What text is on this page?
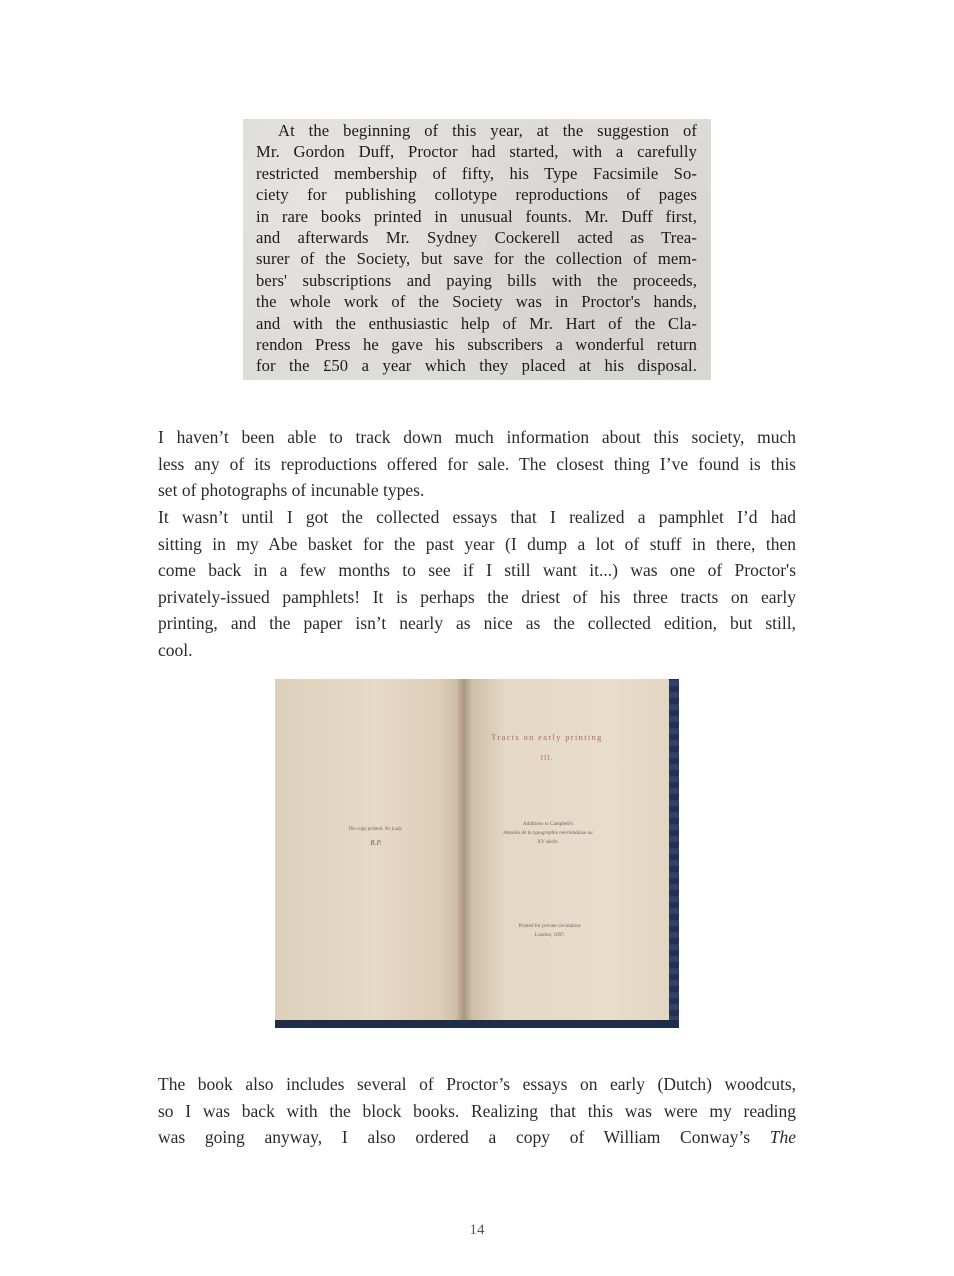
At the beginning of this year, at the suggestion of
Mr. Gordon Duff, Proctor had started, with a carefully
restricted membership of fifty, his Type Facsimile So-
ciety for publishing collotype reproductions of pages
in rare books printed in unusual founts. Mr. Duff first,
and afterwards Mr. Sydney Cockerell acted as Trea-
surer of the Society, but save for the collection of mem-
bers' subscriptions and paying bills with the proceeds,
the whole work of the Society was in Proctor's hands,
and with the enthusiastic help of Mr. Hart of the Cla-
rendon Press he gave his subscribers a wonderful return
for the £50 a year which they placed at his disposal.

I haven’t been able to track down much information about this society, much
less any of its reproductions offered for sale. The closest thing I’ve found is this
set of photographs of incunable types.

It wasn’t until I got the collected essays that I realized a pamphlet I’d had
sitting in my Abe basket for the past year (I dump a lot of stuff in there, then
come back in a few months to see if I still want it...) was one of Proctor's
privately-issued pamphlets! It is perhaps the driest of his three tracts on early
printing, and the paper isn’t nearly as nice as the collected edition, but still,
cool.

Tracts on early printing
III.
The copy printed. No Lady
R.P.
Additions to Campbell's
Annales de la typographie néerlandaise au
XV siècle.
Printed for private circulation:
London, 1897.

The book also includes several of Proctor’s essays on early (Dutch) woodcuts,
so I was back with the block books. Realizing that this was were my reading
was going anyway, I also ordered a copy of William Conway’s The

14
